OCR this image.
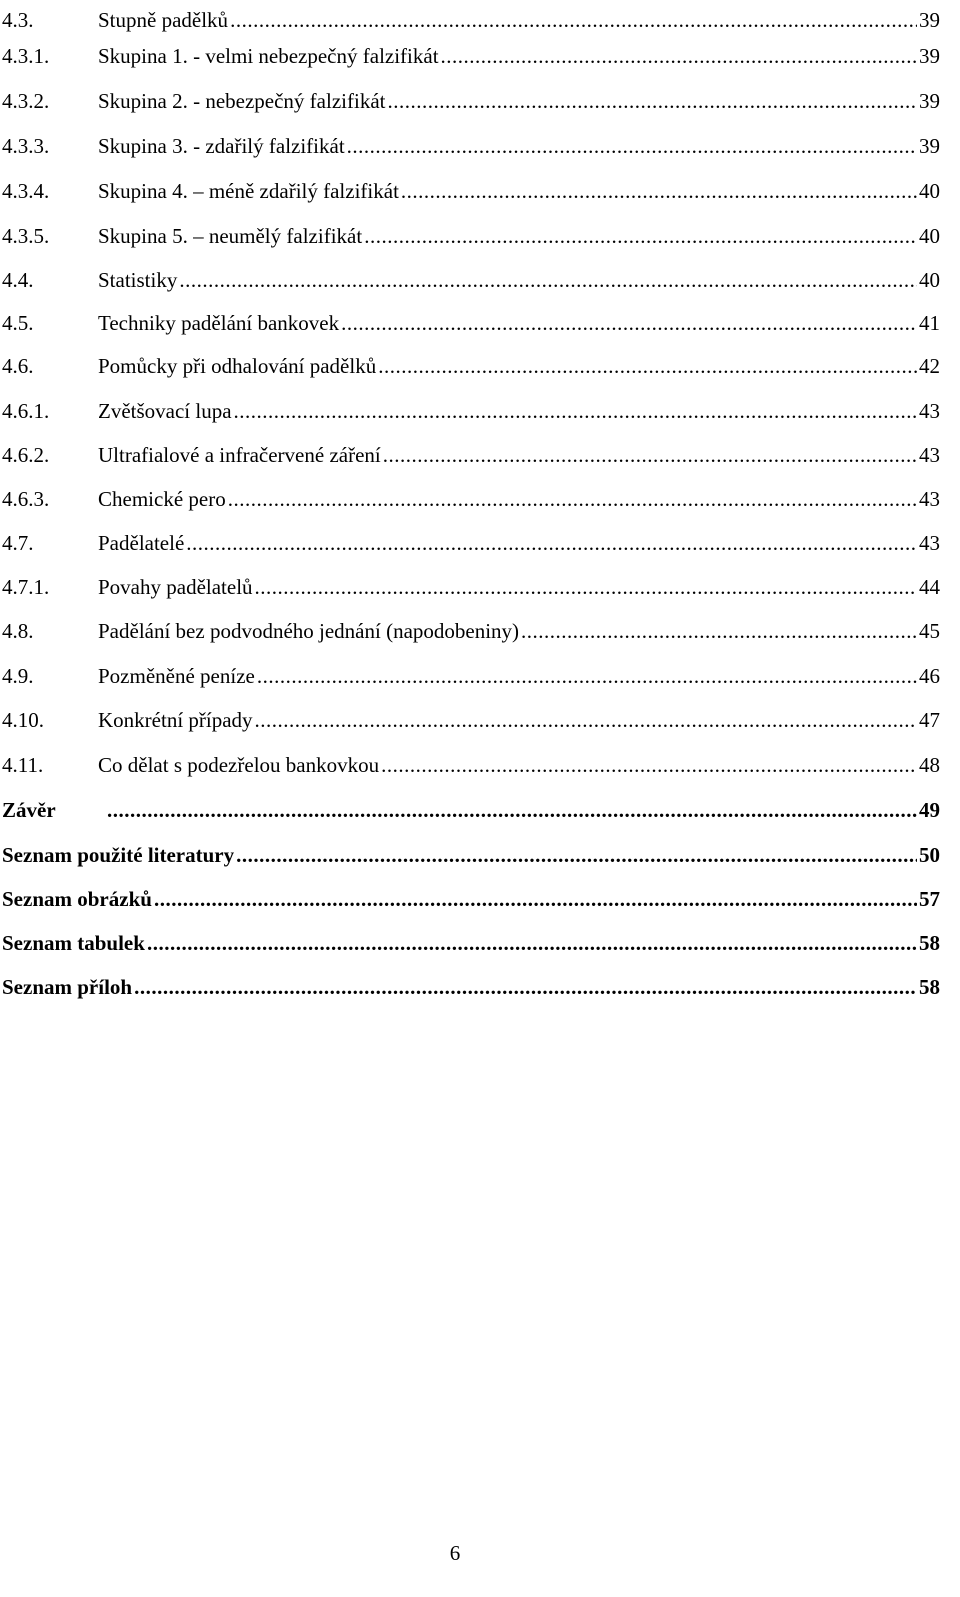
4.3.	Stupně padělků .....	39
4.3.1.	Skupina 1. - velmi nebezpečný falzifikát .....	39
4.3.2.	Skupina 2. - nebezpečný falzifikát .....	39
4.3.3.	Skupina 3. - zdařilý falzifikát .....	39
4.3.4.	Skupina 4. – méně zdařilý falzifikát .....	40
4.3.5.	Skupina 5. – neumělý falzifikát .....	40
4.4.	Statistiky .....	40
4.5.	Techniky padělání bankovek .....	41
4.6.	Pomůcky při odhalování padělků .....	42
4.6.1.	Zvětšovací lupa .....	43
4.6.2.	Ultrafialové a infračervené záření .....	43
4.6.3.	Chemické pero .....	43
4.7.	Padělatelé .....	43
4.7.1.	Povahy padělatelů .....	44
4.8.	Padělání bez podvodného jednání (napodobeniny) .....	45
4.9.	Pozměněné peníze .....	46
4.10.	Konkrétní případy .....	47
4.11.	Co dělat s podezřelou bankovkou .....	48
Závěr .....	49
Seznam použité literatury .....	50
Seznam obrázků .....	57
Seznam tabulek .....	58
Seznam příloh .....	58
6
